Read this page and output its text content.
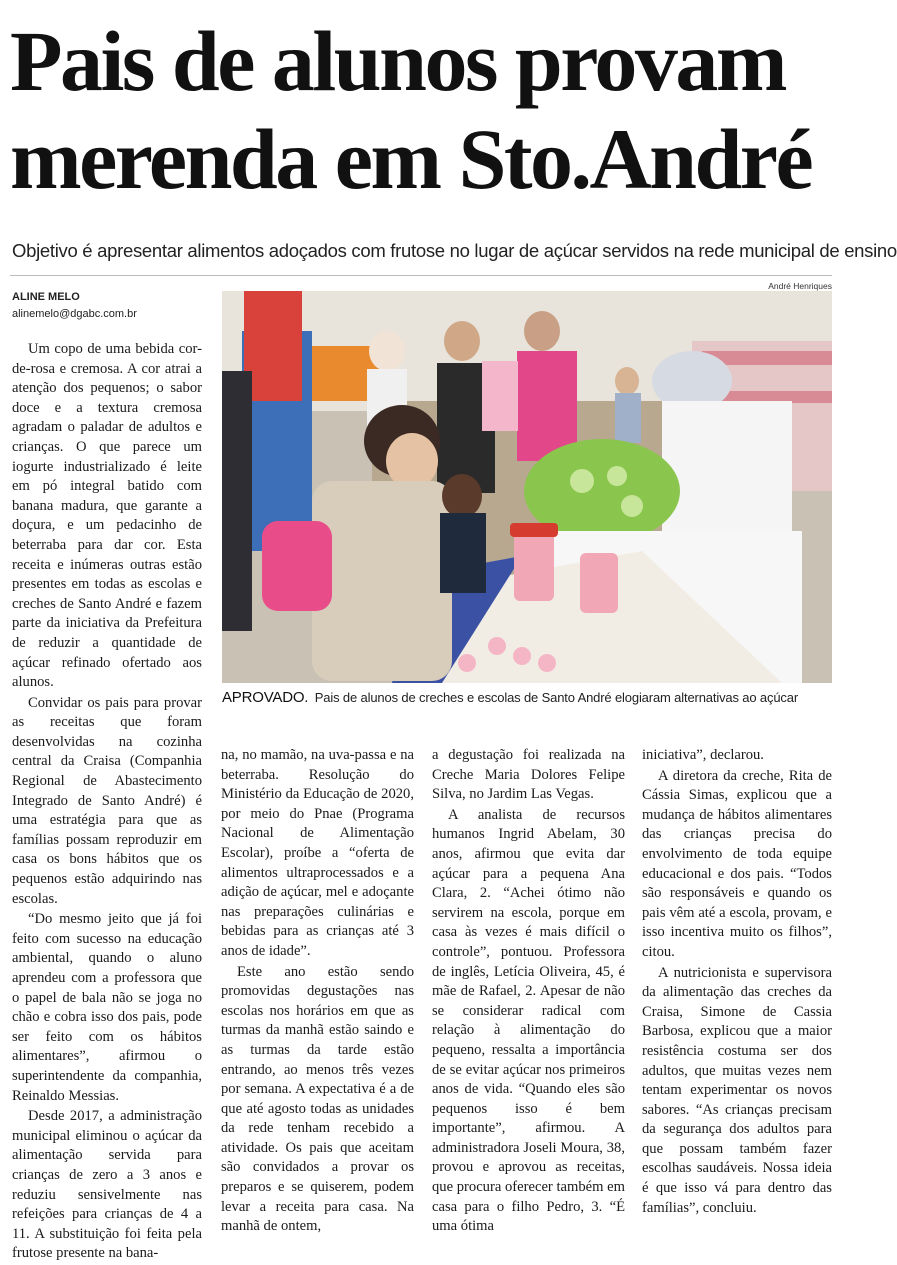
Pais de alunos provam
merenda em Sto.André
Objetivo é apresentar alimentos adoçados com frutose no lugar de açúcar servidos na rede municipal de ensino
ALINE MELO
alinemelo@dgabc.com.br
André Henriques
APROVADO. Pais de alunos de creches e escolas de Santo André elogiaram alternativas ao açúcar

Um copo de uma bebida cor-de-rosa e cremosa. A cor atrai a atenção dos pequenos; o sabor doce e a textura cremosa agradam o paladar de adultos e crianças. O que parece um iogurte industrializado é leite em pó integral batido com banana madura, que garante a doçura, e um pedacinho de beterraba para dar cor. Esta receita e inúmeras outras estão presentes em todas as escolas e creches de Santo André e fazem parte da iniciativa da Prefeitura de reduzir a quantidade de açúcar refinado ofertado aos alunos.

Convidar os pais para provar as receitas que foram desenvolvidas na cozinha central da Craisa (Companhia Regional de Abastecimento Integrado de Santo André) é uma estratégia para que as famílias possam reproduzir em casa os bons hábitos que os pequenos estão adquirindo nas escolas.

“Do mesmo jeito que já foi feito com sucesso na educação ambiental, quando o aluno aprendeu com a professora que o papel de bala não se joga no chão e cobra isso dos pais, pode ser feito com os hábitos alimentares”, afirmou o superintendente da companhia, Reinaldo Messias.

Desde 2017, a administração municipal eliminou o açúcar da alimentação servida para crianças de zero a 3 anos e reduziu sensivelmente nas refeições para crianças de 4 a 11. A substituição foi feita pela frutose presente na bana-

na, no mamão, na uva-passa e na beterraba. Resolução do Ministério da Educação de 2020, por meio do Pnae (Programa Nacional de Alimentação Escolar), proíbe a “oferta de alimentos ultraprocessados e a adição de açúcar, mel e adoçante nas preparações culinárias e bebidas para as crianças até 3 anos de idade”.

Este ano estão sendo promovidas degustações nas escolas nos horários em que as turmas da manhã estão saindo e as turmas da tarde estão entrando, ao menos três vezes por semana. A expectativa é a de que até agosto todas as unidades da rede tenham recebido a atividade. Os pais que aceitam são convidados a provar os preparos e se quiserem, podem levar a receita para casa. Na manhã de ontem,

a degustação foi realizada na Creche Maria Dolores Felipe Silva, no Jardim Las Vegas.

A analista de recursos humanos Ingrid Abelam, 30 anos, afirmou que evita dar açúcar para a pequena Ana Clara, 2. “Achei ótimo não servirem na escola, porque em casa às vezes é mais difícil o controle”, pontuou. Professora de inglês, Letícia Oliveira, 45, é mãe de Rafael, 2. Apesar de não se considerar radical com relação à alimentação do pequeno, ressalta a importância de se evitar açúcar nos primeiros anos de vida. “Quando eles são pequenos isso é bem importante”, afirmou. A administradora Joseli Moura, 38, provou e aprovou as receitas, que procura oferecer também em casa para o filho Pedro, 3. “É uma ótima

iniciativa”, declarou.

A diretora da creche, Rita de Cássia Simas, explicou que a mudança de hábitos alimentares das crianças precisa do envolvimento de toda equipe educacional e dos pais. “Todos são responsáveis e quando os pais vêm até a escola, provam, e isso incentiva muito os filhos”, citou.

A nutricionista e supervisora da alimentação das creches da Craisa, Simone de Cassia Barbosa, explicou que a maior resistência costuma ser dos adultos, que muitas vezes nem tentam experimentar os novos sabores. “As crianças precisam da segurança dos adultos para que possam também fazer escolhas saudáveis. Nossa ideia é que isso vá para dentro das famílias”, concluiu.
